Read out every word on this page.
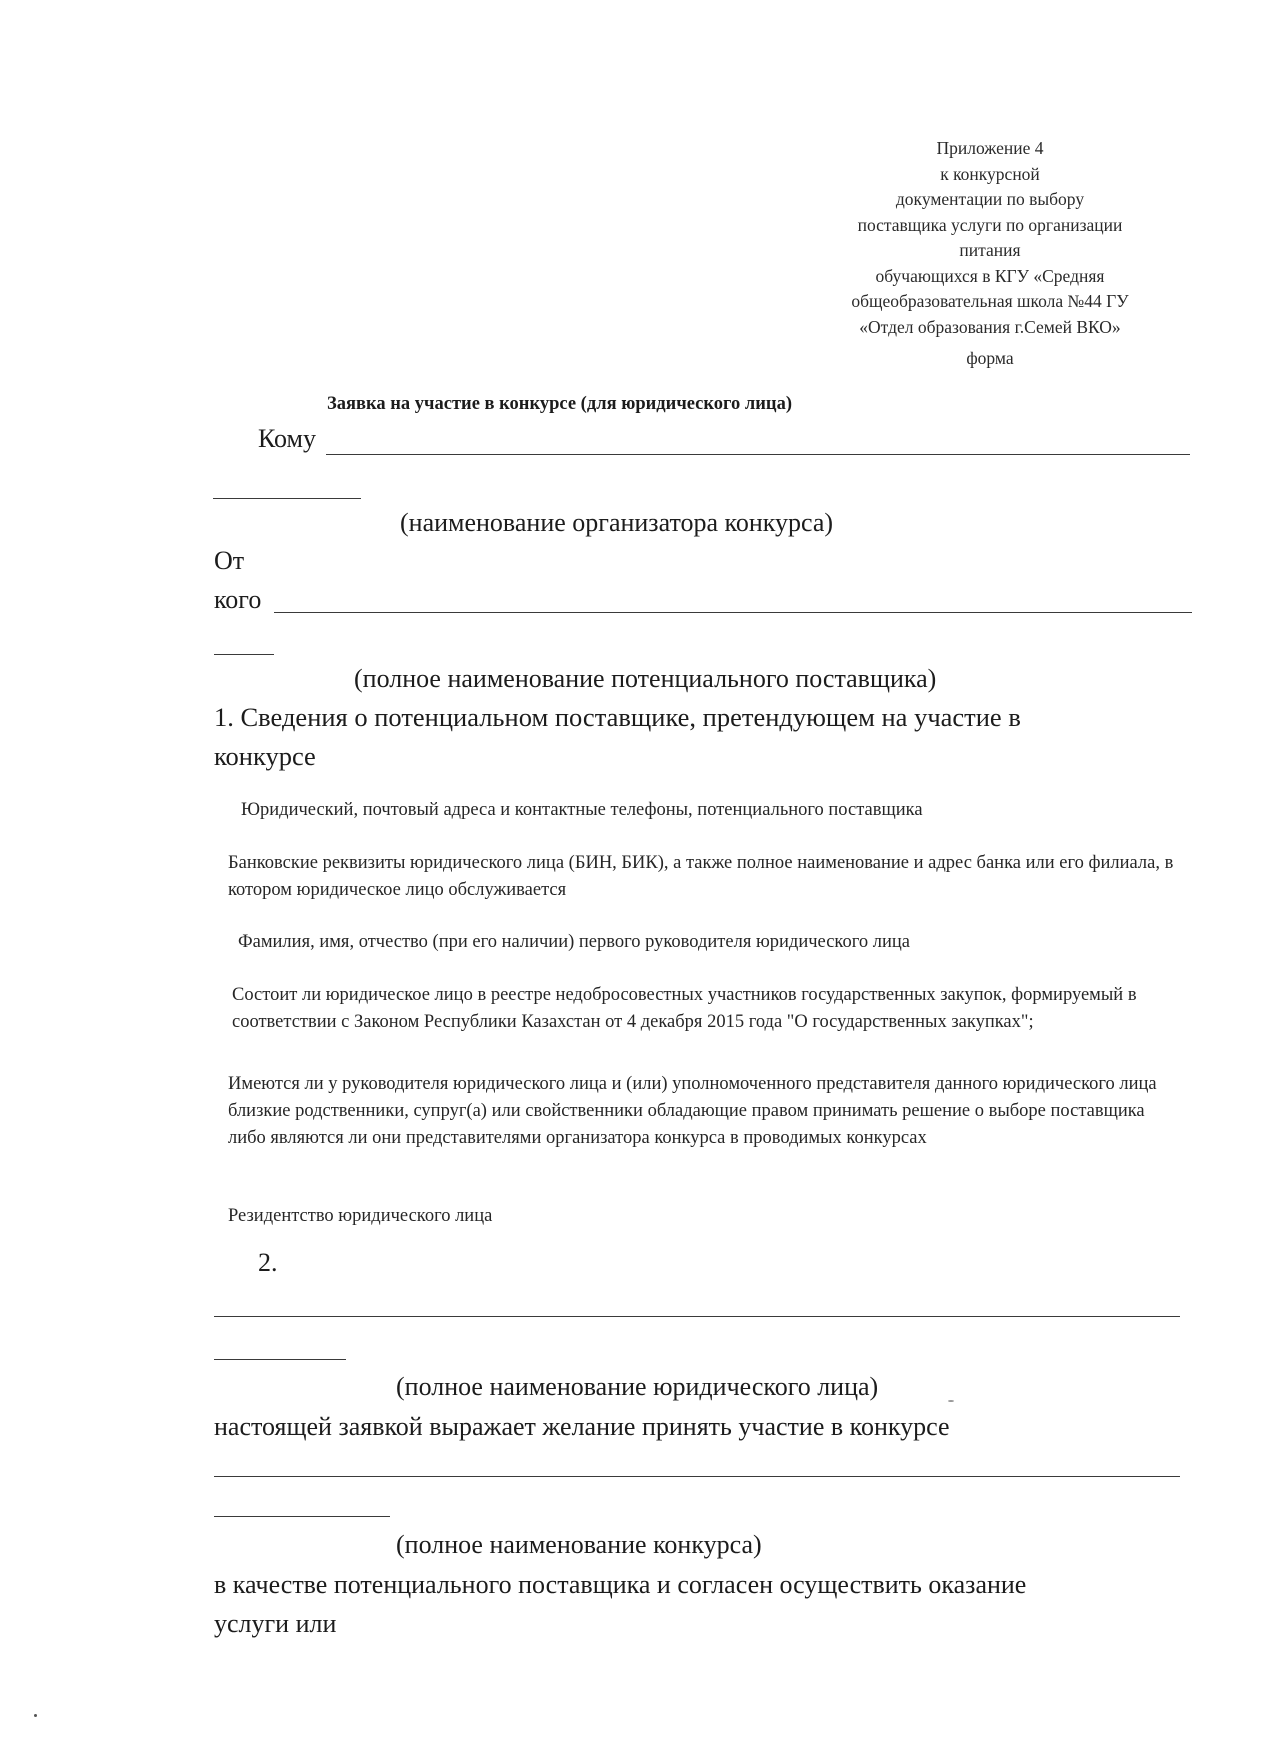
Приложение 4
к конкурсной
документации по выбору
поставщика услуги по организации
питания
обучающихся в КГУ «Средняя
общеобразовательная школа №44 ГУ
«Отдел образования г.Семей ВКО»
форма
Заявка на участие в конкурсе (для юридического лица)
Кому
(наименование организатора конкурса)
От
кого
(полное наименование потенциального поставщика)
1. Сведения о потенциальном поставщике, претендующем на участие в
конкурсе
Юридический, почтовый адреса и контактные телефоны, потенциального поставщика
Банковские реквизиты юридического лица (БИН, БИК), а также полное наименование и адрес банка или его филиала, в котором юридическое лицо обслуживается
Фамилия, имя, отчество (при его наличии) первого руководителя юридического лица
Состоит ли юридическое лицо в реестре недобросовестных участников государственных закупок, формируемый в соответствии с Законом Республики Казахстан от 4 декабря 2015 года "О государственных закупках";
Имеются ли у руководителя юридического лица и (или) уполномоченного представителя данного юридического лица близкие родственники, супруг(а) или свойственники обладающие правом принимать решение о выборе поставщика либо являются ли они представителями организатора конкурса в проводимых конкурсах
Резидентство юридического лица
2.
(полное наименование юридического лица)
настоящей заявкой выражает желание принять участие в конкурсе
(полное наименование конкурса)
в качестве потенциального поставщика и согласен осуществить оказание
услуги или
